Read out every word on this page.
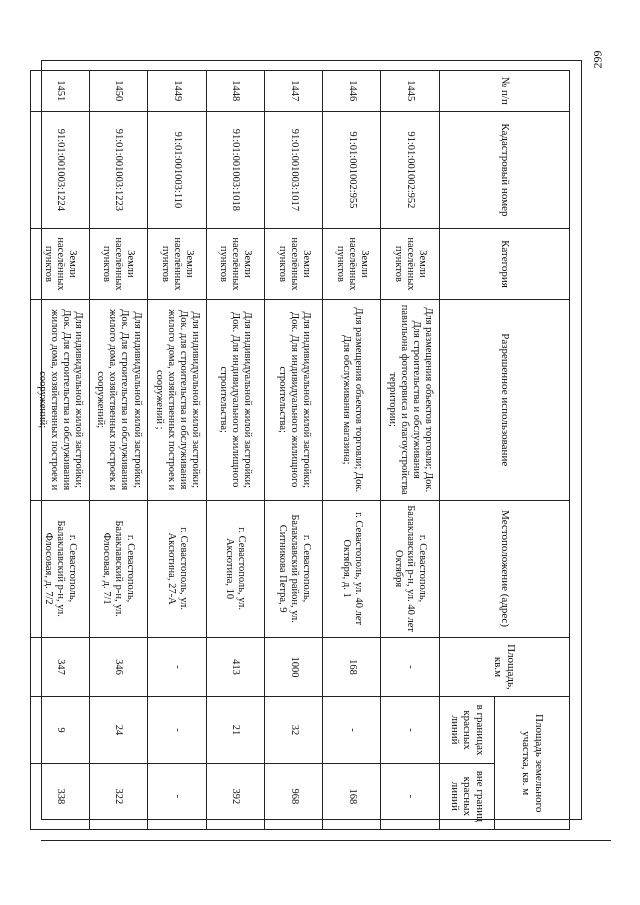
299
№ п/п	Кадастровый номер	Категория	Разрешенное использование	Местоположение (адрес)	Площадь, кв.м	Площадь земельного участка, кв. м	
						в границах красных линий	вне границ красных линий
1445	91:01:001002:952	Земли населённых пунктов	Для размещения объектов торговли; Док. Для строительства и обслуживания павильона фотосервиса и благоустройства территории;	г. Севастополь, Балаклавский р-н, ул. 40 лет Октября	-	-	-
1446	91:01:001002:955	Земли населённых пунктов	Для размещения объектов торговли; Док. Для обслуживания магазина;	г. Севастополь, ул. 40 лет Октября, д. 1	168	-	168
1447	91:01:001003:1017	Земли населённых пунктов	Для индивидуальной жилой застройки; Док. Для индивидуального жилищного строительства;	г. Севастополь, Балаклавский район, ул. Ситникова Петра, 9	1000	32	968
1448	91:01:001003:1018	Земли населённых пунктов	Для индивидуальной жилой застройки; Док. Для индивидуального жилищного строительства;	г. Севастополь, ул. Аксютина, 10	413	21	392
1449	91:01:001003:110	Земли населённых пунктов	Для индивидуальной жилой застройки; Док. для строительства и обслуживания жилого дома, хозяйственных построек и сооружений ;	г. Севастополь, ул. Аксютина, 27-А	-	-	-
1450	91:01:001003:1223	Земли населённых пунктов	Для индивидуальной жилой застройки; Док. Для строительства и обслуживания жилого дома, хозяйственных построек и сооружений;	г. Севастополь, Балаклавский р-н, ул. Флосовая, д. 7/1	346	24	322
1451	91:01:001003:1224	Земли населённых пунктов	Для индивидуальной жилой застройки; Док. Для строительства и обслуживания жилого дома, хозяйственных построек и сооружений;	г. Севастополь, Балаклавский р-н, ул. Флосовая, д. 7/2	347	9	338
